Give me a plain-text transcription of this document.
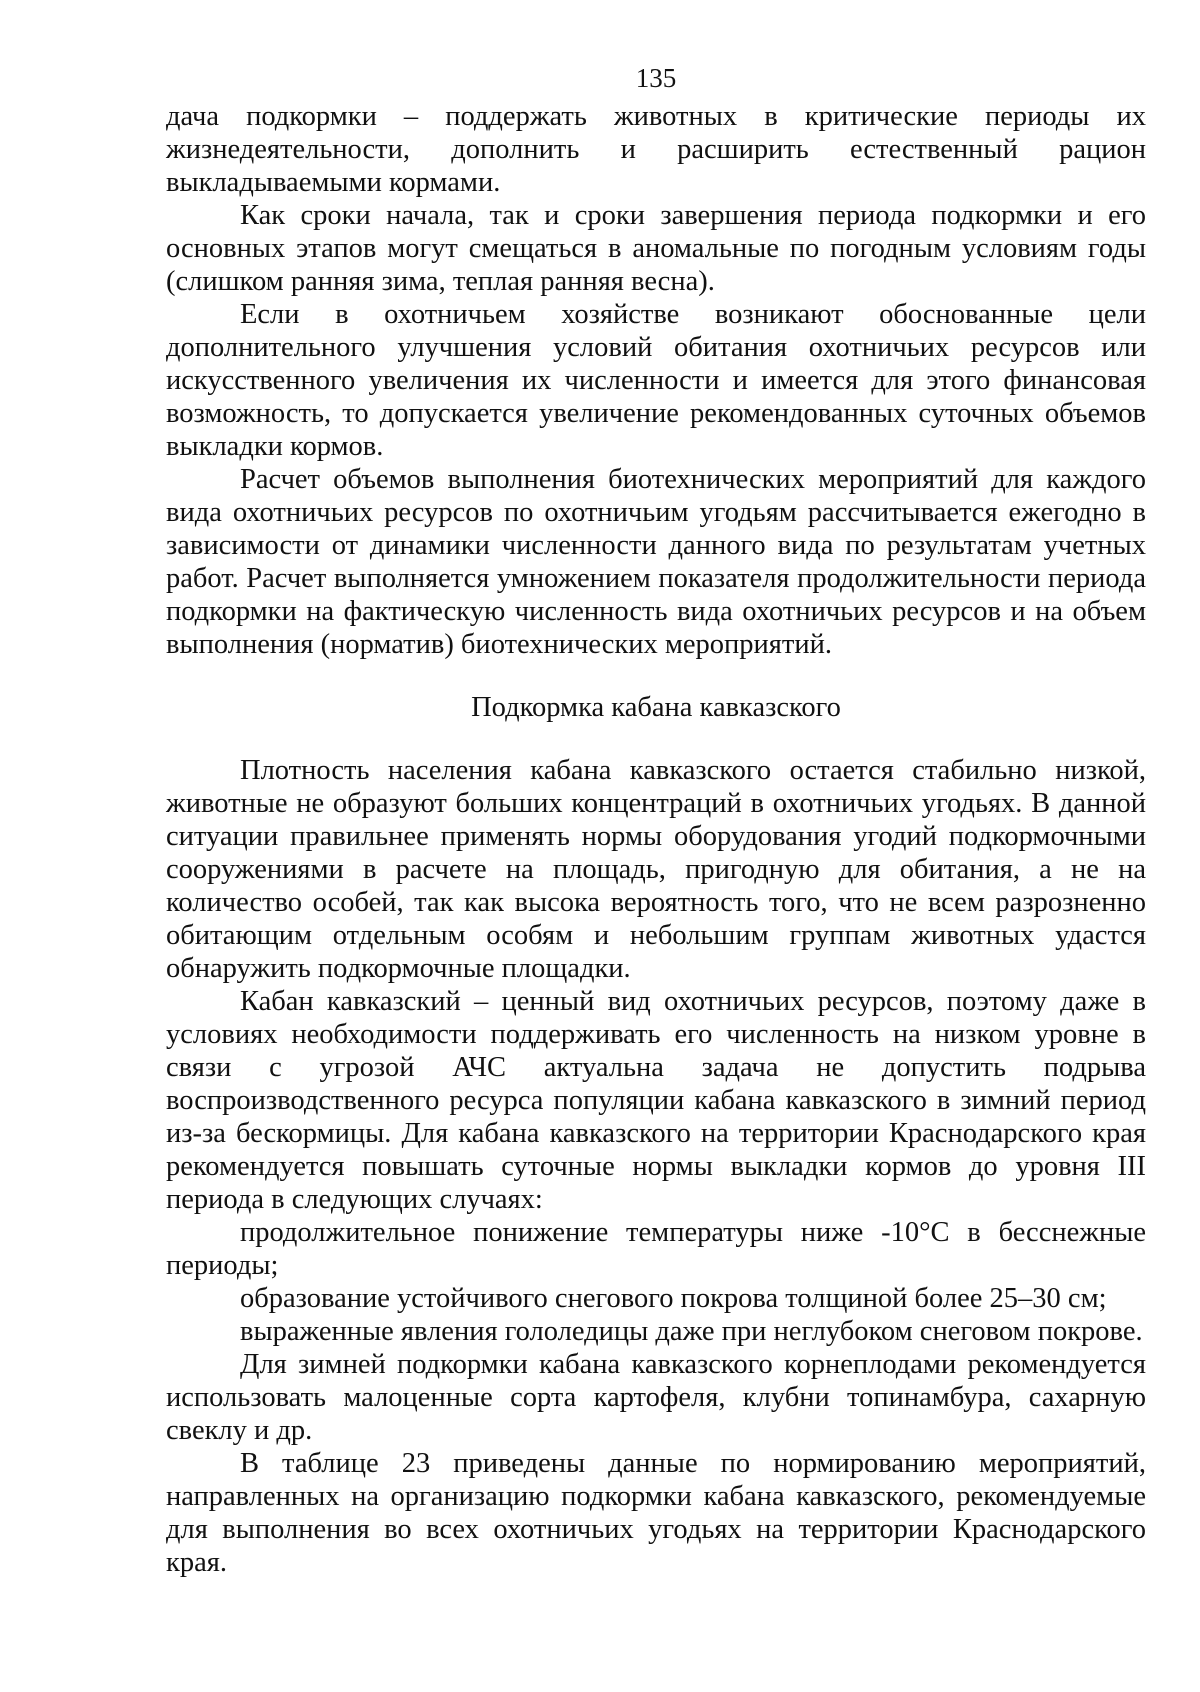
135

дача подкормки – поддержать животных в критические периоды их жизнедеятельности, дополнить и расширить естественный рацион выкладываемыми кормами.

Как сроки начала, так и сроки завершения периода подкормки и его основных этапов могут смещаться в аномальные по погодным условиям годы (слишком ранняя зима, теплая ранняя весна).

Если в охотничьем хозяйстве возникают обоснованные цели дополнительного улучшения условий обитания охотничьих ресурсов или искусственного увеличения их численности и имеется для этого финансовая возможность, то допускается увеличение рекомендованных суточных объемов выкладки кормов.

Расчет объемов выполнения биотехнических мероприятий для каждого вида охотничьих ресурсов по охотничьим угодьям рассчитывается ежегодно в зависимости от динамики численности данного вида по результатам учетных работ. Расчет выполняется умножением показателя продолжительности периода подкормки на фактическую численность вида охотничьих ресурсов и на объем выполнения (норматив) биотехнических мероприятий.

Подкормка кабана кавказского

Плотность населения кабана кавказского остается стабильно низкой, животные не образуют больших концентраций в охотничьих угодьях. В данной ситуации правильнее применять нормы оборудования угодий подкормочными сооружениями в расчете на площадь, пригодную для обитания, а не на количество особей, так как высока вероятность того, что не всем разрозненно обитающим отдельным особям и небольшим группам животных удастся обнаружить подкормочные площадки.

Кабан кавказский – ценный вид охотничьих ресурсов, поэтому даже в условиях необходимости поддерживать его численность на низком уровне в связи с угрозой АЧС актуальна задача не допустить подрыва воспроизводственного ресурса популяции кабана кавказского в зимний период из-за бескормицы. Для кабана кавказского на территории Краснодарского края рекомендуется повышать суточные нормы выкладки кормов до уровня III периода в следующих случаях:

продолжительное понижение температуры ниже -10°С в бесснежные периоды;

образование устойчивого снегового покрова толщиной более 25–30 см;

выраженные явления гололедицы даже при неглубоком снеговом покрове.

Для зимней подкормки кабана кавказского корнеплодами рекомендуется использовать малоценные сорта картофеля, клубни топинамбура, сахарную свеклу и др.

В таблице 23 приведены данные по нормированию мероприятий, направленных на организацию подкормки кабана кавказского, рекомендуемые для выполнения во всех охотничьих угодьях на территории Краснодарского края.
